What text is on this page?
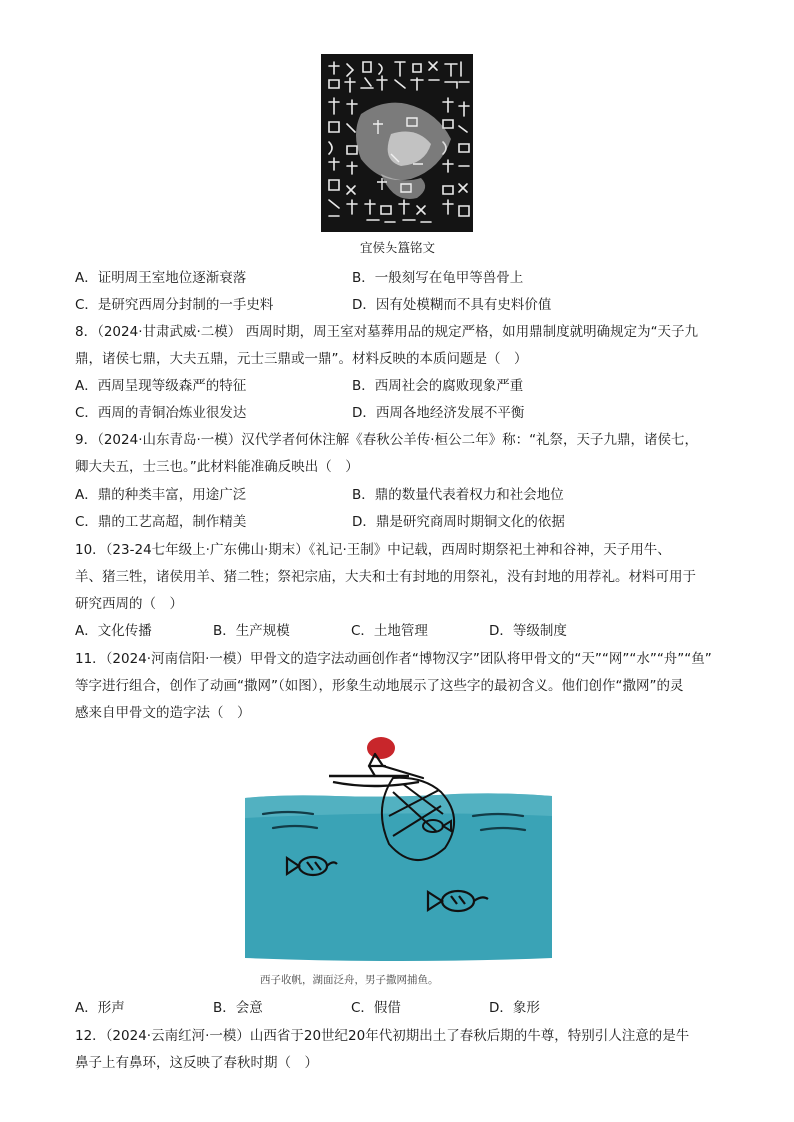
宜侯夨簋铭文
A．证明周王室地位逐渐衰落	B．一般刻写在龟甲等兽骨上
C．是研究西周分封制的一手史料	D．因有处模糊而不具有史料价值
8．（2024·甘肃武威·二模） 西周时期，周王室对墓葬用品的规定严格，如用鼎制度就明确规定为“天子九
鼎，诸侯七鼎，大夫五鼎，元士三鼎或一鼎”。材料反映的本质问题是（　）
A．西周呈现等级森严的特征	B．西周社会的腐败现象严重
C．西周的青铜冶炼业很发达	D．西周各地经济发展不平衡
9．（2024·山东青岛·一模）汉代学者何休注解《春秋公羊传·桓公二年》称：“礼祭，天子九鼎，诸侯七，
卿大夫五，士三也。”此材料能准确反映出（　）
A．鼎的种类丰富，用途广泛	B．鼎的数量代表着权力和社会地位
C．鼎的工艺高超，制作精美	D．鼎是研究商周时期铜文化的依据
10．（23-24七年级上·广东佛山·期末）《礼记·王制》中记载，西周时期祭祀土神和谷神，天子用牛、
羊、猪三牲，诸侯用羊、猪二牲；祭祀宗庙，大夫和士有封地的用祭礼，没有封地的用荐礼。材料可用于
研究西周的（　）
A．文化传播	B．生产规模	C．土地管理	D．等级制度
11．（2024·河南信阳·一模）甲骨文的造字法动画创作者“博物汉字”团队将甲骨文的“天”“网”“水”“舟”“鱼”
等字进行组合，创作了动画“撒网”（如图），形象生动地展示了这些字的最初含义。他们创作“撒网”的灵
感来自甲骨文的造字法（　）
西子收帆，湖面泛舟，男子撒网捕鱼。
A．形声	B．会意	C．假借	D．象形
12．（2024·云南红河·一模）山西省于20世纪20年代初期出土了春秋后期的牛尊，特别引人注意的是牛
鼻子上有鼻环，这反映了春秋时期（　）
